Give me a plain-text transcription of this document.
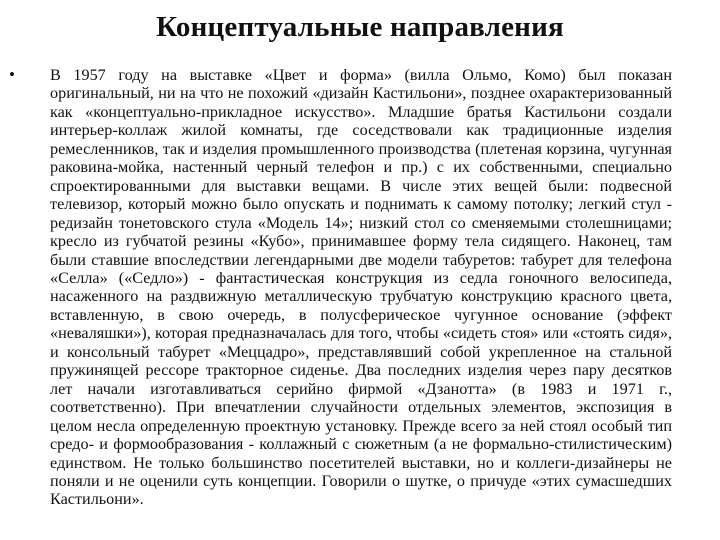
Концептуальные направления
• В 1957 году на выставке «Цвет и форма» (вилла Ольмо, Комо) был показан оригинальный, ни на что не похожий «дизайн Кастильони», позднее охарактеризованный как «концептуально-прикладное искусство». Младшие братья Кастильони создали интерьер-коллаж жилой комнаты, где соседствовали как традиционные изделия ремесленников, так и изделия промышленного производства (плетеная корзина, чугунная раковина-мойка, настенный черный телефон и пр.) с их собственными, специально спроектированными для выставки вещами. В числе этих вещей были: подвесной телевизор, который можно было опускать и поднимать к самому потолку; легкий стул - редизайн тонетовского стула «Модель 14»; низкий стол со сменяемыми столешницами; кресло из губчатой резины «Кубо», принимавшее форму тела сидящего. Наконец, там были ставшие впоследствии легендарными две модели табуретов: табурет для телефона «Селла» («Седло») - фантастическая конструкция из седла гоночного велосипеда, насаженного на раздвижную металлическую трубчатую конструкцию красного цвета, вставленную, в свою очередь, в полусферическое чугунное основание (эффект «неваляшки»), которая предназначалась для того, чтобы «сидеть стоя» или «стоять сидя», и консольный табурет «Меццадро», представлявший собой укрепленное на стальной пружинящей рессоре тракторное сиденье. Два последних изделия через пару десятков лет начали изготавливаться серийно фирмой «Дзанотта» (в 1983 и 1971 г., соответственно). При впечатлении случайности отдельных элементов, экспозиция в целом несла определенную проектную установку. Прежде всего за ней стоял особый тип средо- и формообразования - коллажный с сюжетным (а не формально-стилистическим) единством. Не только большинство посетителей выставки, но и коллеги-дизайнеры не поняли и не оценили суть концепции. Говорили о шутке, о причуде «этих сумасшедших Кастильони».
